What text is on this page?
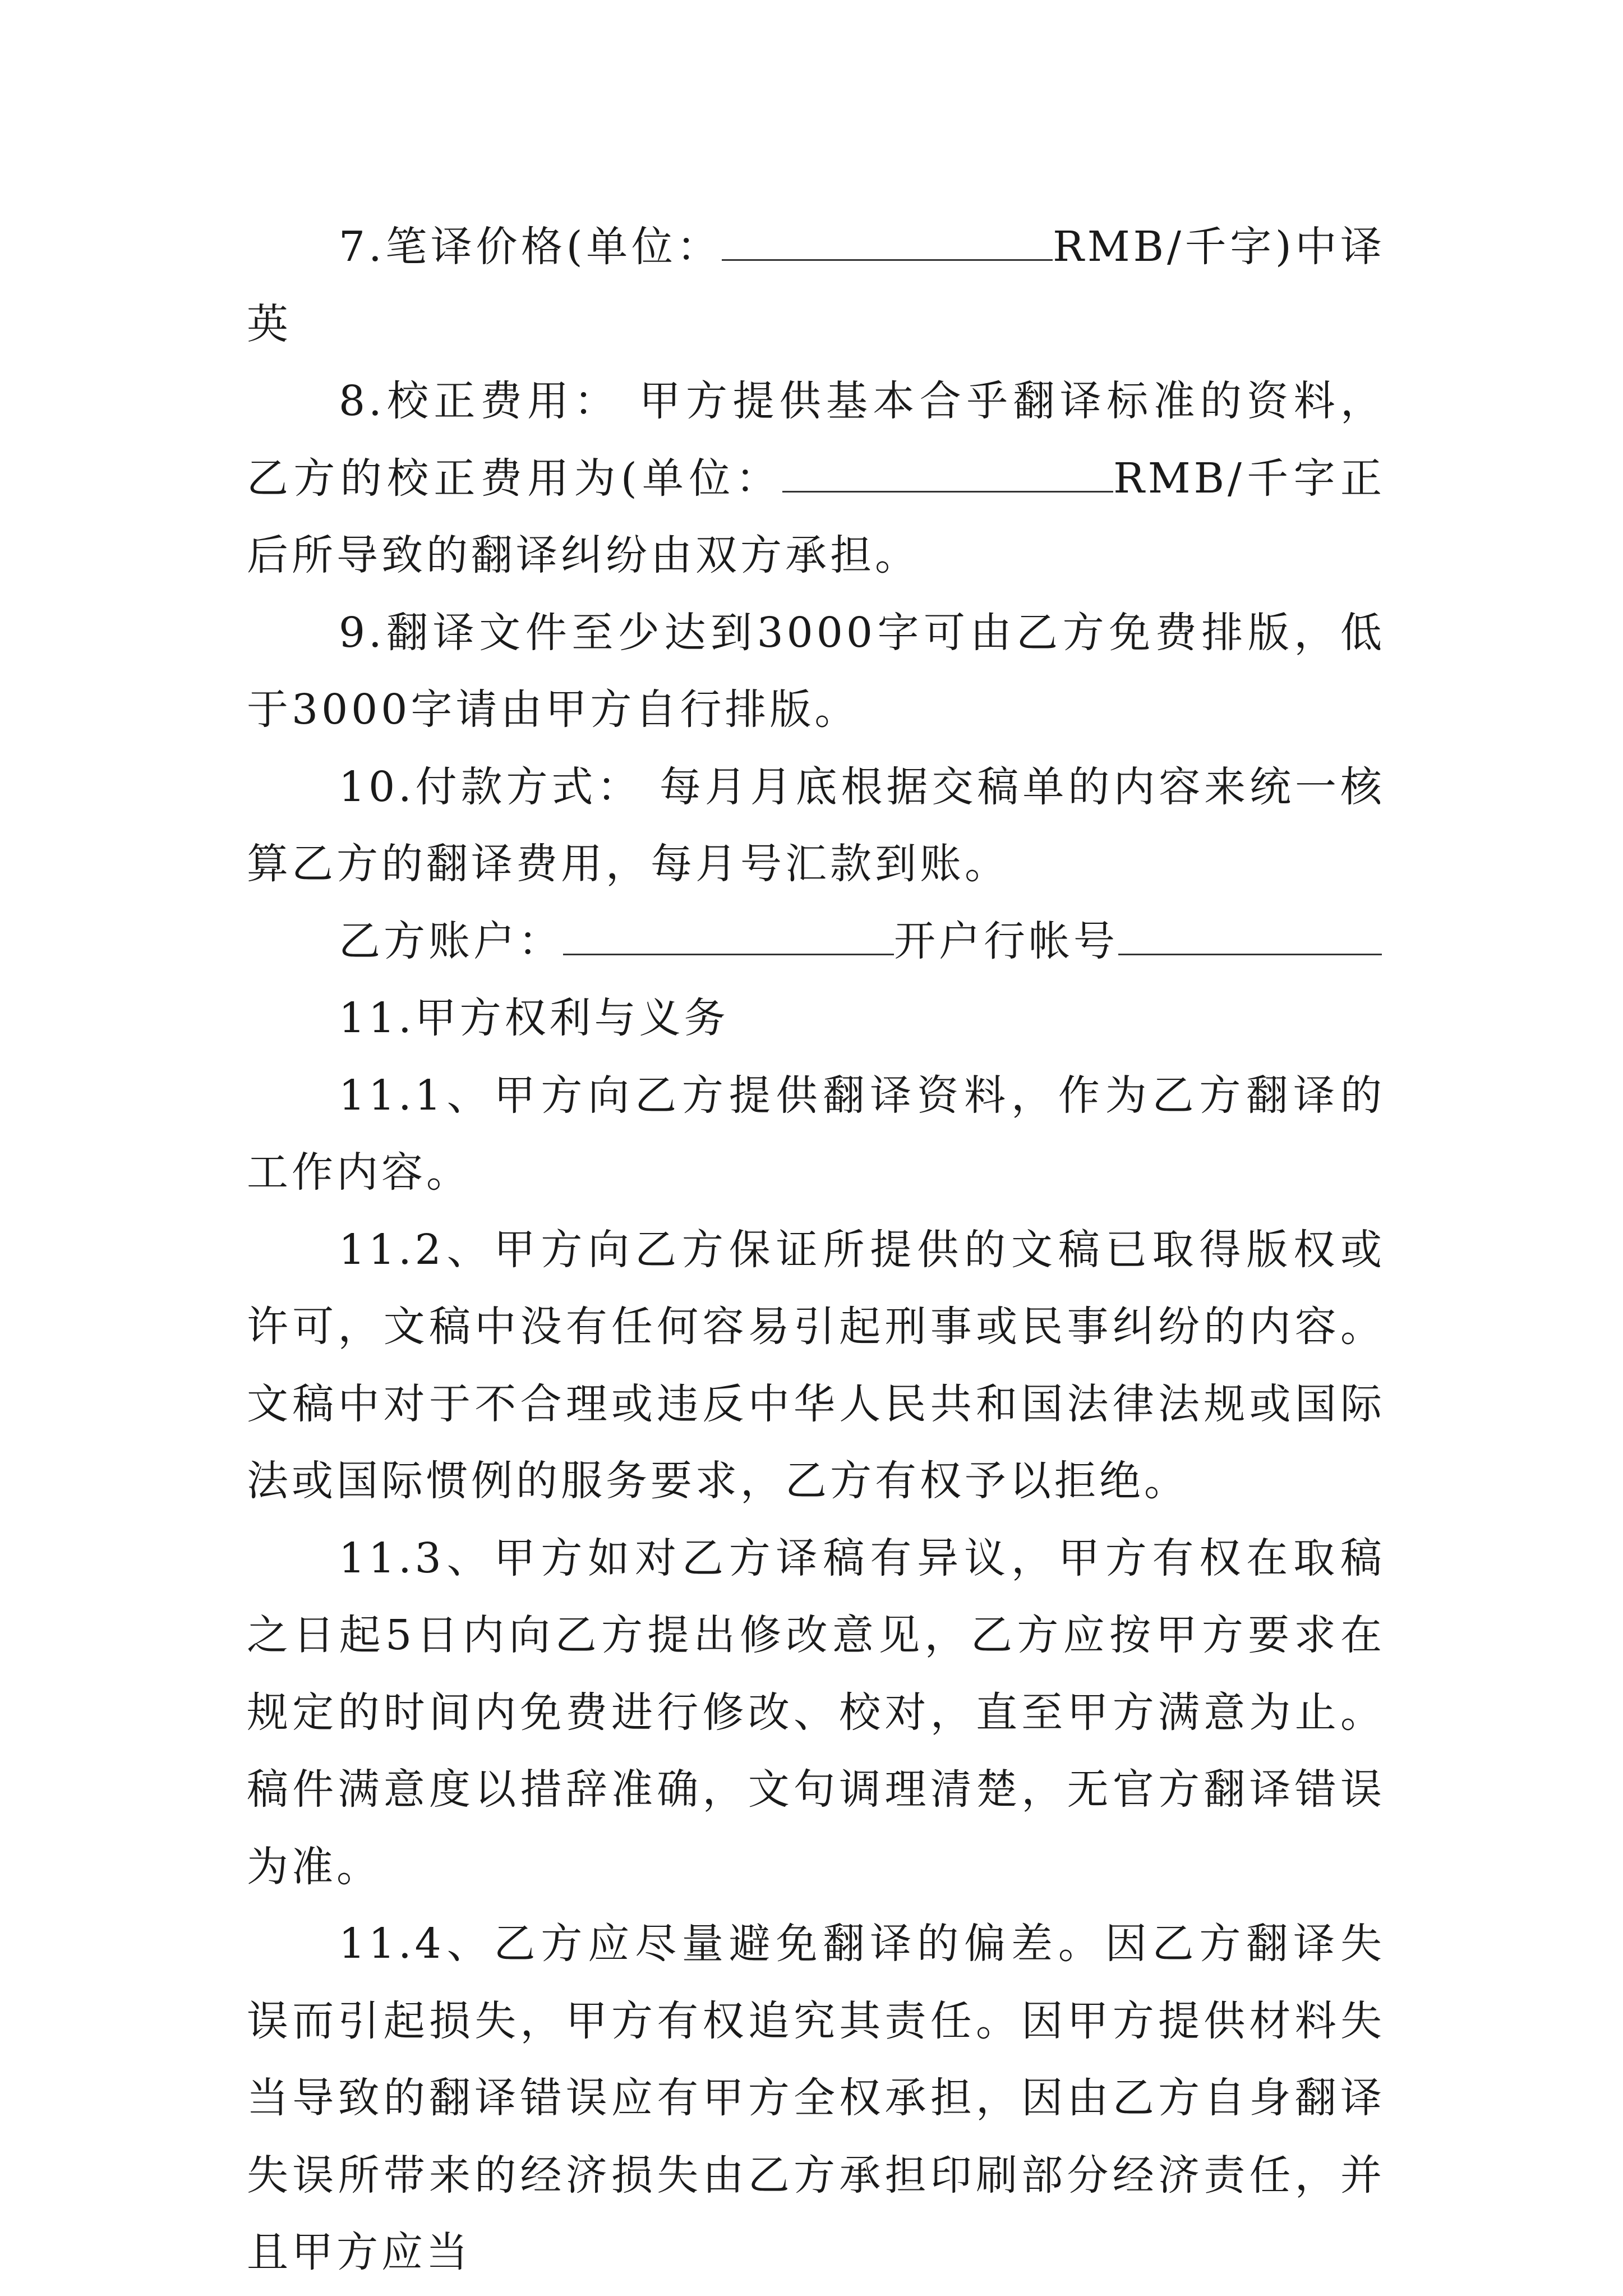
7.笔译价格(单位：	RMB/千字)中译英

8.校正费用： 甲方提供基本合乎翻译标准的资料，乙方的校正费用为(单位：	RMB/千字正后所导致的翻译纠纷由双方承担。

9.翻译文件至少达到3000字可由乙方免费排版，低于3000字请由甲方自行排版。

10.付款方式： 每月月底根据交稿单的内容来统一核算乙方的翻译费用，每月号汇款到账。

乙方账户：	开户行帐号

11.甲方权利与义务

11.1、甲方向乙方提供翻译资料，作为乙方翻译的工作内容。

11.2、甲方向乙方保证所提供的文稿已取得版权或许可，文稿中没有任何容易引起刑事或民事纠纷的内容。文稿中对于不合理或违反中华人民共和国法律法规或国际法或国际惯例的服务要求，乙方有权予以拒绝。

11.3、甲方如对乙方译稿有异议，甲方有权在取稿之日起5日内向乙方提出修改意见，乙方应按甲方要求在规定的时间内免费进行修改、校对，直至甲方满意为止。稿件满意度以措辞准确，文句调理清楚，无官方翻译错误为准。

11.4、乙方应尽量避免翻译的偏差。因乙方翻译失误而引起损失，甲方有权追究其责任。因甲方提供材料失当导致的翻译错误应有甲方全权承担，因由乙方自身翻译失误所带来的经济损失由乙方承担印刷部分经济责任，并且甲方应当
